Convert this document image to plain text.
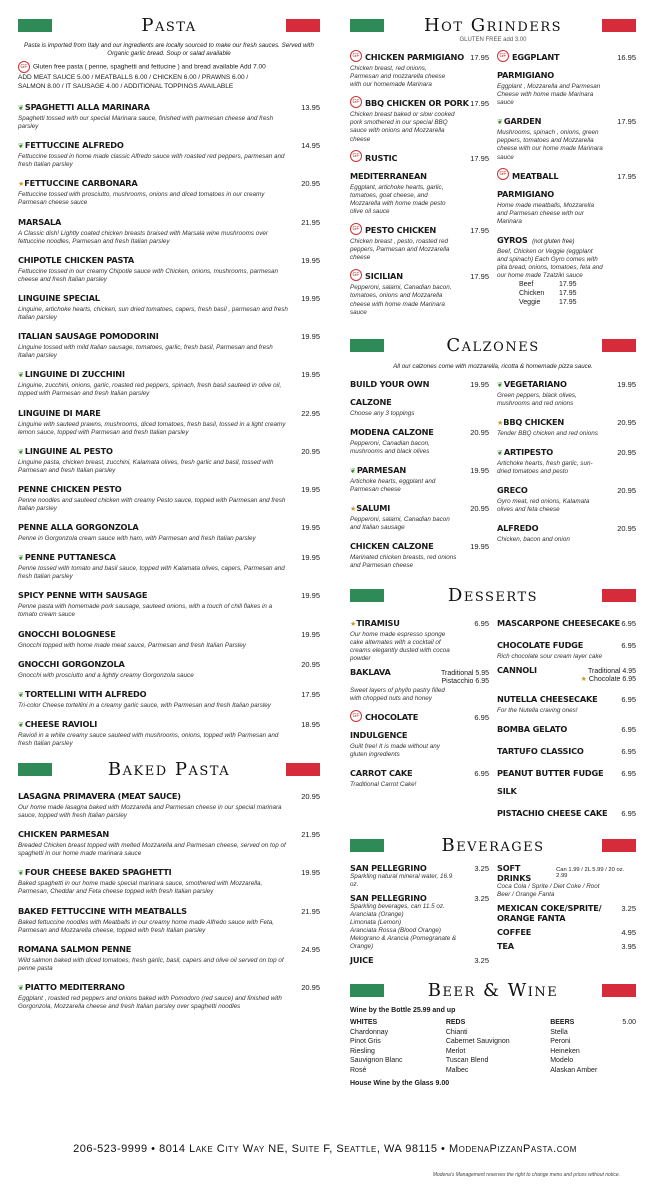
Pasta
Pasta is imported from Italy and our ingredients are locally sourced to make our fresh sauces. Served with Organic garlic bread. Soup or salad available
GF Gluten free pasta ( penne, spaghetti and fettucine ) and bread available Add 7.00
ADD MEAT SAUCE 5.00 / MEATBALLS 6.00 / CHICKEN 6.00 / PRAWNS 6.00 /
SALMON 8.00 / IT SAUSAGE 4.00 / ADDITIONAL TOPPINGS AVAILABLE
❦SPAGHETTI ALLA MARINARA	13.95
Spaghetti tossed with our special Marinara sauce, finished with parmesan cheese and fresh parsley
❦FETTUCCINE ALFREDO	14.95
Fettuccine tossed in home made classic Alfredo sauce with roasted red peppers, parmesan and fresh Italian parsley
★FETTUCCINE CARBONARA	20.95
Fettuccine tossed with prosciutto, mushrooms, onions and diced tomatoes in our creamy Parmesan cheese sauce
MARSALA	21.95
A Classic dish! Lightly coated chicken breasts braised with Marsala wine mushrooms over fettuccine noodles, Parmesan and fresh Italian parsley
CHIPOTLE CHICKEN PASTA	19.95
Fettuccine tossed in our creamy Chipotle sauce with Chicken, onions, mushrooms, parmesan cheese and fresh Italian parsley
LINGUINE SPECIAL	19.95
Linguine, artichoke hearts, chicken, sun dried tomatoes, capers, fresh basil , parmesan and fresh Italian parsley
ITALIAN SAUSAGE POMODORINI	19.95
Linguine tossed with mild Italian sausage, tomatoes, garlic, fresh basil, Parmesan and fresh Italian parsley
❦LINGUINE DI ZUCCHINI	19.95
Linguine, zucchini, onions, garlic, roasted red peppers, spinach, fresh basil sauteed in olive oil, topped with Parmesan and fresh Italian parsley
LINGUINE DI MARE	22.95
Linguine with sauteed prawns, mushrooms, diced tomatoes, fresh basil, tossed in a light creamy lemon sauce, topped with Parmesan and fresh Italian parsley
❦LINGUINE AL PESTO	20.95
Linguine pasta, chicken breast, zucchini, Kalamata olives, fresh garlic and basil, tossed with Parmesan and fresh Italian parsley
PENNE CHICKEN PESTO	19.95
Penne noodles and sauteed chicken with creamy Pesto sauce, topped with Parmesan and fresh Italian parsley
PENNE ALLA GORGONZOLA	19.95
Penne in Gorgonzola cream sauce with ham, with Parmesan and fresh Italian parsley
❦PENNE PUTTANESCA	19.95
Penne tossed with tomato and basil sauce, topped with Kalamata olives, capers, Parmesan and fresh Italian parsley
SPICY PENNE WITH SAUSAGE	19.95
Penne pasta with homemade pork sausage, sauteed onions, with a touch of chili flakes in a tomato cream sauce
GNOCCHI BOLOGNESE	19.95
Gnocchi topped with home made meat sauce, Parmesan and fresh Italian Parsley
GNOCCHI GORGONZOLA	20.95
Gnocchi with prosciutto and a lightly creamy Gorgonzola sauce
❦TORTELLINI WITH ALFREDO	17.95
Tri-color Cheese tortellini in a creamy garlic sauce, with Parmesan and fresh Italian parsley
❦CHEESE RAVIOLI	18.95
Ravioli in a white creamy sauce sauteed with mushrooms, onions, topped with Parmesan and fresh Italian parsley
Baked Pasta
LASAGNA PRIMAVERA (MEAT SAUCE)	20.95
Our home made lasagna baked with Mozzarella and Parmesan cheese in our special marinara sauce, topped with fresh Italian parsley
CHICKEN PARMESAN	21.95
Breaded Chicken breast topped with melted Mozzarella and Parmesan cheese, served on top of spaghetti in our home made marinara sauce
❦FOUR CHEESE BAKED SPAGHETTI	19.95
Baked spaghetti in our home made special marinara sauce, smothered with Mozzarella, Parmesan, Cheddar and Feta cheese topped with fresh Italian parsley
BAKED FETTUCCINE WITH MEATBALLS	21.95
Baked fettuccine noodles with Meatballs in our creamy home made Alfredo sauce with Feta, Parmesan and Mozzarella cheese, topped with fresh Italian parsley
ROMANA SALMON PENNE	24.95
Wild salmon baked with diced tomatoes, fresh garlic, basil, capers and olive oil served on top of penne pasta
❦PIATTO MEDITERRANO	20.95
Eggplant , roasted red peppers and onions baked with Pomodoro (red sauce) and finished with Gorgonzola, Mozzarella cheese and fresh Italian parsley over spaghetti noodles
Hot Grinders
GLUTEN FREE add 3.00
GF CHICKEN PARMIGIANO 17.95
Chicken breast, red onions, Parmesan and mozzarella cheese with our homemade Marinara
GF BBQ CHICKEN OR PORK 17.95
Chicken breast baked or slow cooked pork smothered in our special BBQ sauce with onions and Mozzarella cheese
GF RUSTIC MEDITERRANEAN
17.95
Eggplant, artichoke hearts, garlic, tomatoes, goat cheese, and Mozzarella with home made pesto olive oil sauce
GF PESTO CHICKEN	17.95
Chicken breast , pesto, roasted red peppers, Parmesan and Mozzarella cheese
GF SICILIAN	17.95
Pepperoni, salami, Canadian bacon, tomatoes, onions and Mozzarella cheese with home made Marinara sauce
GF EGGPLANT PARMIGIANO
16.95
Eggplant , Mozzarella and Parmesan Cheese with home made Marinara sauce
❦GARDEN	17.95
Mushrooms, spinach , onions, green peppers, tomatoes and Mozzarella cheese with our home made Marinara sauce
GF MEATBALL PARMIGIANO
17.95
Home made meatballs, Mozzarella and Parmesan cheese with our Marinara
GYROS (not gluten free)
Beef, Chicken or Veggie (eggplant and spinach) Each Gyro comes with pita bread, onions, tomatoes, feta and our home made Tzatziki sauce
Beef	17.95
Chicken	17.95
Veggie	17.95
Calzones
All our calzones come with mozzarella, ricotta & homemade pizza sauce.
BUILD YOUR OWN CALZONE
19.95
Choose any 3 toppings
MODENA CALZONE	20.95
Pepperoni, Canadian bacon, mushrooms and black olives
❦PARMESAN	19.95
Artichoke hearts, eggplant and Parmesan cheese
★SALUMI	20.95
Pepperoni, salami, Canadian bacon and Italian sausage
CHICKEN CALZONE	19.95
Marinated chicken breasts, red onions and Parmesan cheese
❦VEGETARIANO	19.95
Green peppers, black olives, mushrooms and red onions
★BBQ CHICKEN	20.95
Tender BBQ chicken and red onions
❦ARTIPESTO	20.95
Artichoke hearts, fresh garlic, sun-dried tomatoes and pesto
GRECO	20.95
Gyro meat, red onions, Kalamata olives and feta cheese
ALFREDO	20.95
Chicken, bacon and onion
Desserts
★TIRAMISU	6.95
Our home made espresso sponge cake alternates with a cocktail of creams elegantly dusted with cocoa powder
BAKLAVA	Traditional 5.95
Pistacchio 6.95
Sweet layers of phyllo pastry filled with chopped nuts and honey
GF CHOCOLATE INDULGENCE
6.95
Guilt free! It is made without any gluten ingredients
CARROT CAKE	6.95
Traditional Carrot Cake!
MASCARPONE CHEESECAKE 6.95
CHOCOLATE FUDGE	6.95
Rich chocolate sour cream layer cake
CANNOLI	Traditional 4.95
★ Chocolate 6.95
NUTELLA CHEESECAKE	6.95
For the Nutella craving ones!
BOMBA GELATO	6.95
TARTUFO CLASSICO	6.95
PEANUT BUTTER FUDGE SILK
6.95
PISTACHIO CHEESE CAKE 6.95
Beverages
SAN PELLEGRINO	3.25
Sparkling natural mineral water, 16.9 oz.
SAN PELLEGRINO	3.25
Sparkling beverages, can 11.5 oz.
Aranciata (Orange)
Limonata (Lemon)
Aranciata Rossa (Blood Orange)
Melograno & Arancia (Pomegranate & Orange)
JUICE	3.25
SOFT DRINKS
Can 1.99 / 2L 5.99 / 20 oz. 2.99
Coca Cola / Sprite / Diet Coke / Root Beer / Orange Fanta
MEXICAN COKE/SPRITE/ ORANGE FANTA
3.25
COFFEE	4.95
TEA	3.95
Beer & Wine
Wine by the Bottle 25.99 and up
WHITES
Chardonnay
Pinot Gris
Riesling
Sauvignon Blanc
Rosé
REDS
Chianti
Cabernet Sauvignon
Merlot
Tuscan Blend
Malbec
BEERS	5.00
Stella
Peroni
Heineken
Modelo
Alaskan Amber
House Wine by the Glass 9.00
206-523-9999 • 8014 Lake City Way NE, Suite F, Seattle, WA 98115 • ModenaPizzanPasta.com
Modena's Management reserves the right to change menu and prices without notice.
